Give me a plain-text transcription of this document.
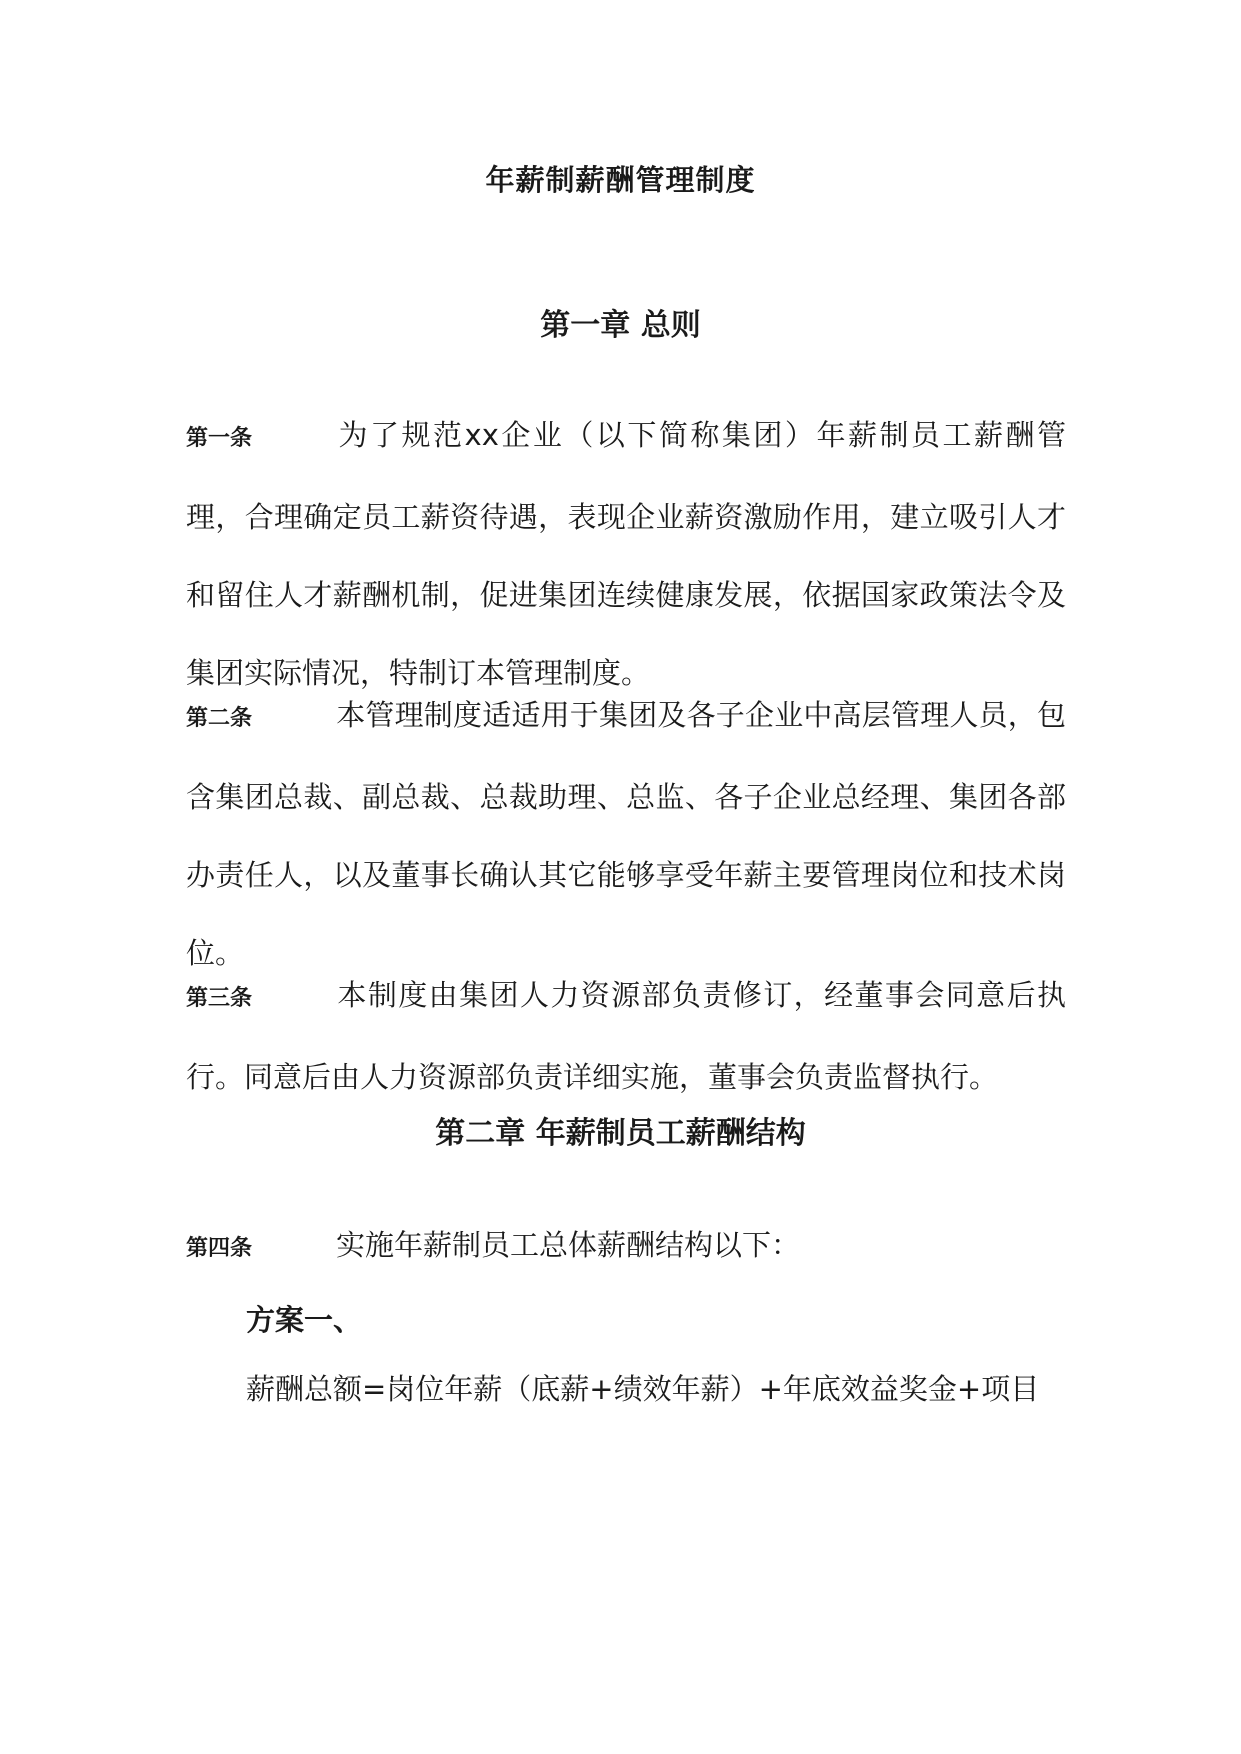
年薪制薪酬管理制度
第一章 总则
第一条	为了规范xx企业（以下简称集团）年薪制员工薪酬管理，合理确定员工薪资待遇，表现企业薪资激励作用，建立吸引人才和留住人才薪酬机制，促进集团连续健康发展，依据国家政策法令及集团实际情况，特制订本管理制度。
第二条	本管理制度适适用于集团及各子企业中高层管理人员，包含集团总裁、副总裁、总裁助理、总监、各子企业总经理、集团各部办责任人，以及董事长确认其它能够享受年薪主要管理岗位和技术岗位。
第三条	本制度由集团人力资源部负责修订，经董事会同意后执行。同意后由人力资源部负责详细实施，董事会负责监督执行。
第二章 年薪制员工薪酬结构
第四条	实施年薪制员工总体薪酬结构以下：
方案一、
薪酬总额=岗位年薪（底薪+绩效年薪）+年底效益奖金+项目
